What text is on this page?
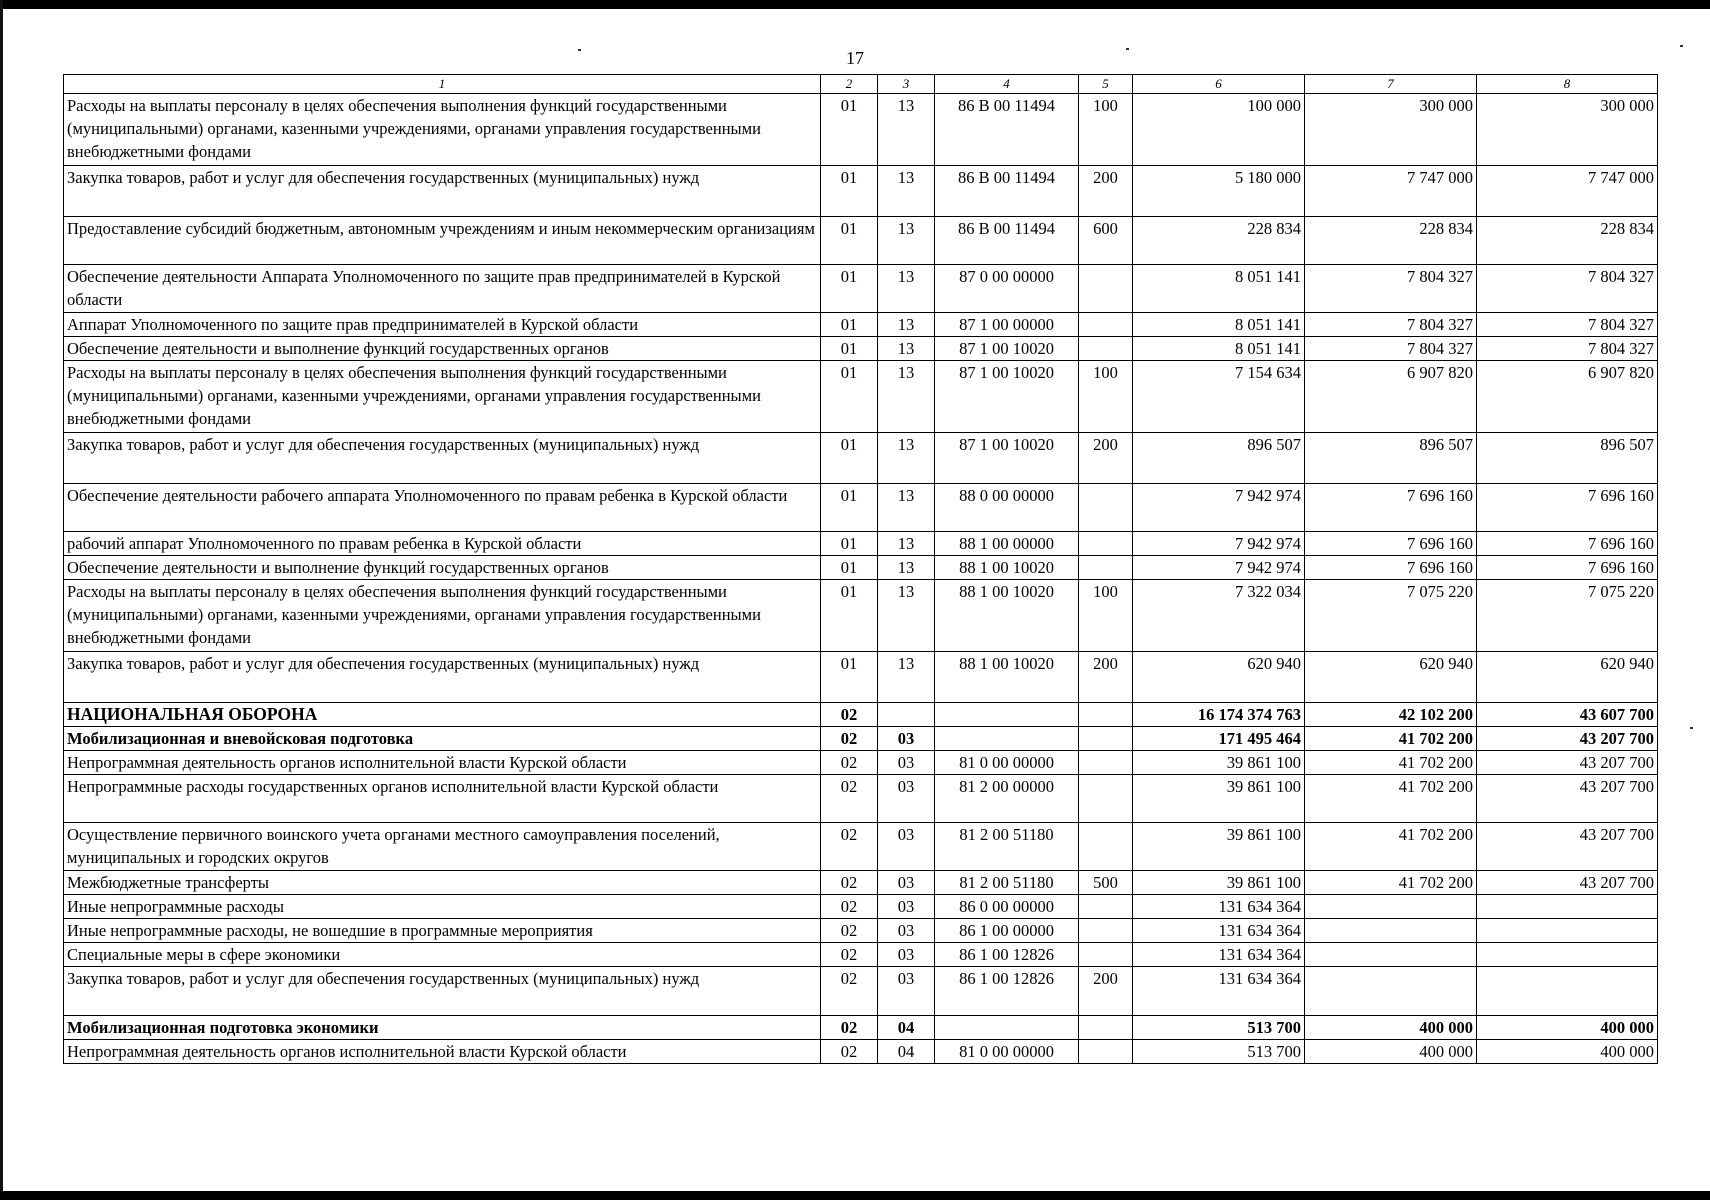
17
1	2	3	4	5	6	7	8
Расходы на выплаты персоналу в целях обеспечения выполнения функций государственными (муниципальными) органами, казенными учреждениями, органами управления государственными внебюджетными фондами	01	13	86 В 00 11494	100	100 000	300 000	300 000
Закупка товаров, работ и услуг для обеспечения государственных (муниципальных) нужд	01	13	86 В 00 11494	200	5 180 000	7 747 000	7 747 000
Предоставление субсидий бюджетным, автономным учреждениям и иным некоммерческим организациям	01	13	86 В 00 11494	600	228 834	228 834	228 834
Обеспечение деятельности Аппарата Уполномоченного по защите прав предпринимателей в Курской области	01	13	87 0 00 00000		8 051 141	7 804 327	7 804 327
Аппарат Уполномоченного по защите прав предпринимателей в Курской области	01	13	87 1 00 00000		8 051 141	7 804 327	7 804 327
Обеспечение деятельности и выполнение функций государственных органов	01	13	87 1 00 10020		8 051 141	7 804 327	7 804 327
Расходы на выплаты персоналу в целях обеспечения выполнения функций государственными (муниципальными) органами, казенными учреждениями, органами управления государственными внебюджетными фондами	01	13	87 1 00 10020	100	7 154 634	6 907 820	6 907 820
Закупка товаров, работ и услуг для обеспечения государственных (муниципальных) нужд	01	13	87 1 00 10020	200	896 507	896 507	896 507
Обеспечение деятельности рабочего аппарата Уполномоченного по правам ребенка в Курской области	01	13	88 0 00 00000		7 942 974	7 696 160	7 696 160
рабочий аппарат Уполномоченного по правам ребенка в Курской области	01	13	88 1 00 00000		7 942 974	7 696 160	7 696 160
Обеспечение деятельности и выполнение функций государственных органов	01	13	88 1 00 10020		7 942 974	7 696 160	7 696 160
Расходы на выплаты персоналу в целях обеспечения выполнения функций государственными (муниципальными) органами, казенными учреждениями, органами управления государственными внебюджетными фондами	01	13	88 1 00 10020	100	7 322 034	7 075 220	7 075 220
Закупка товаров, работ и услуг для обеспечения государственных (муниципальных) нужд	01	13	88 1 00 10020	200	620 940	620 940	620 940
НАЦИОНАЛЬНАЯ ОБОРОНА	02				16 174 374 763	42 102 200	43 607 700
Мобилизационная и вневойсковая подготовка	02	03			171 495 464	41 702 200	43 207 700
Непрограммная деятельность органов исполнительной власти Курской области	02	03	81 0 00 00000		39 861 100	41 702 200	43 207 700
Непрограммные расходы государственных органов исполнительной власти Курской области	02	03	81 2 00 00000		39 861 100	41 702 200	43 207 700
Осуществление первичного воинского учета органами местного самоуправления поселений, муниципальных и городских округов	02	03	81 2 00 51180		39 861 100	41 702 200	43 207 700
Межбюджетные трансферты	02	03	81 2 00 51180	500	39 861 100	41 702 200	43 207 700
Иные непрограммные расходы	02	03	86 0 00 00000		131 634 364		
Иные непрограммные расходы, не вошедшие в программные мероприятия	02	03	86 1 00 00000		131 634 364		
Специальные меры в сфере экономики	02	03	86 1 00 12826		131 634 364		
Закупка товаров, работ и услуг для обеспечения государственных (муниципальных) нужд	02	03	86 1 00 12826	200	131 634 364		
Мобилизационная подготовка экономики	02	04			513 700	400 000	400 000
Непрограммная деятельность органов исполнительной власти Курской области	02	04	81 0 00 00000		513 700	400 000	400 000
